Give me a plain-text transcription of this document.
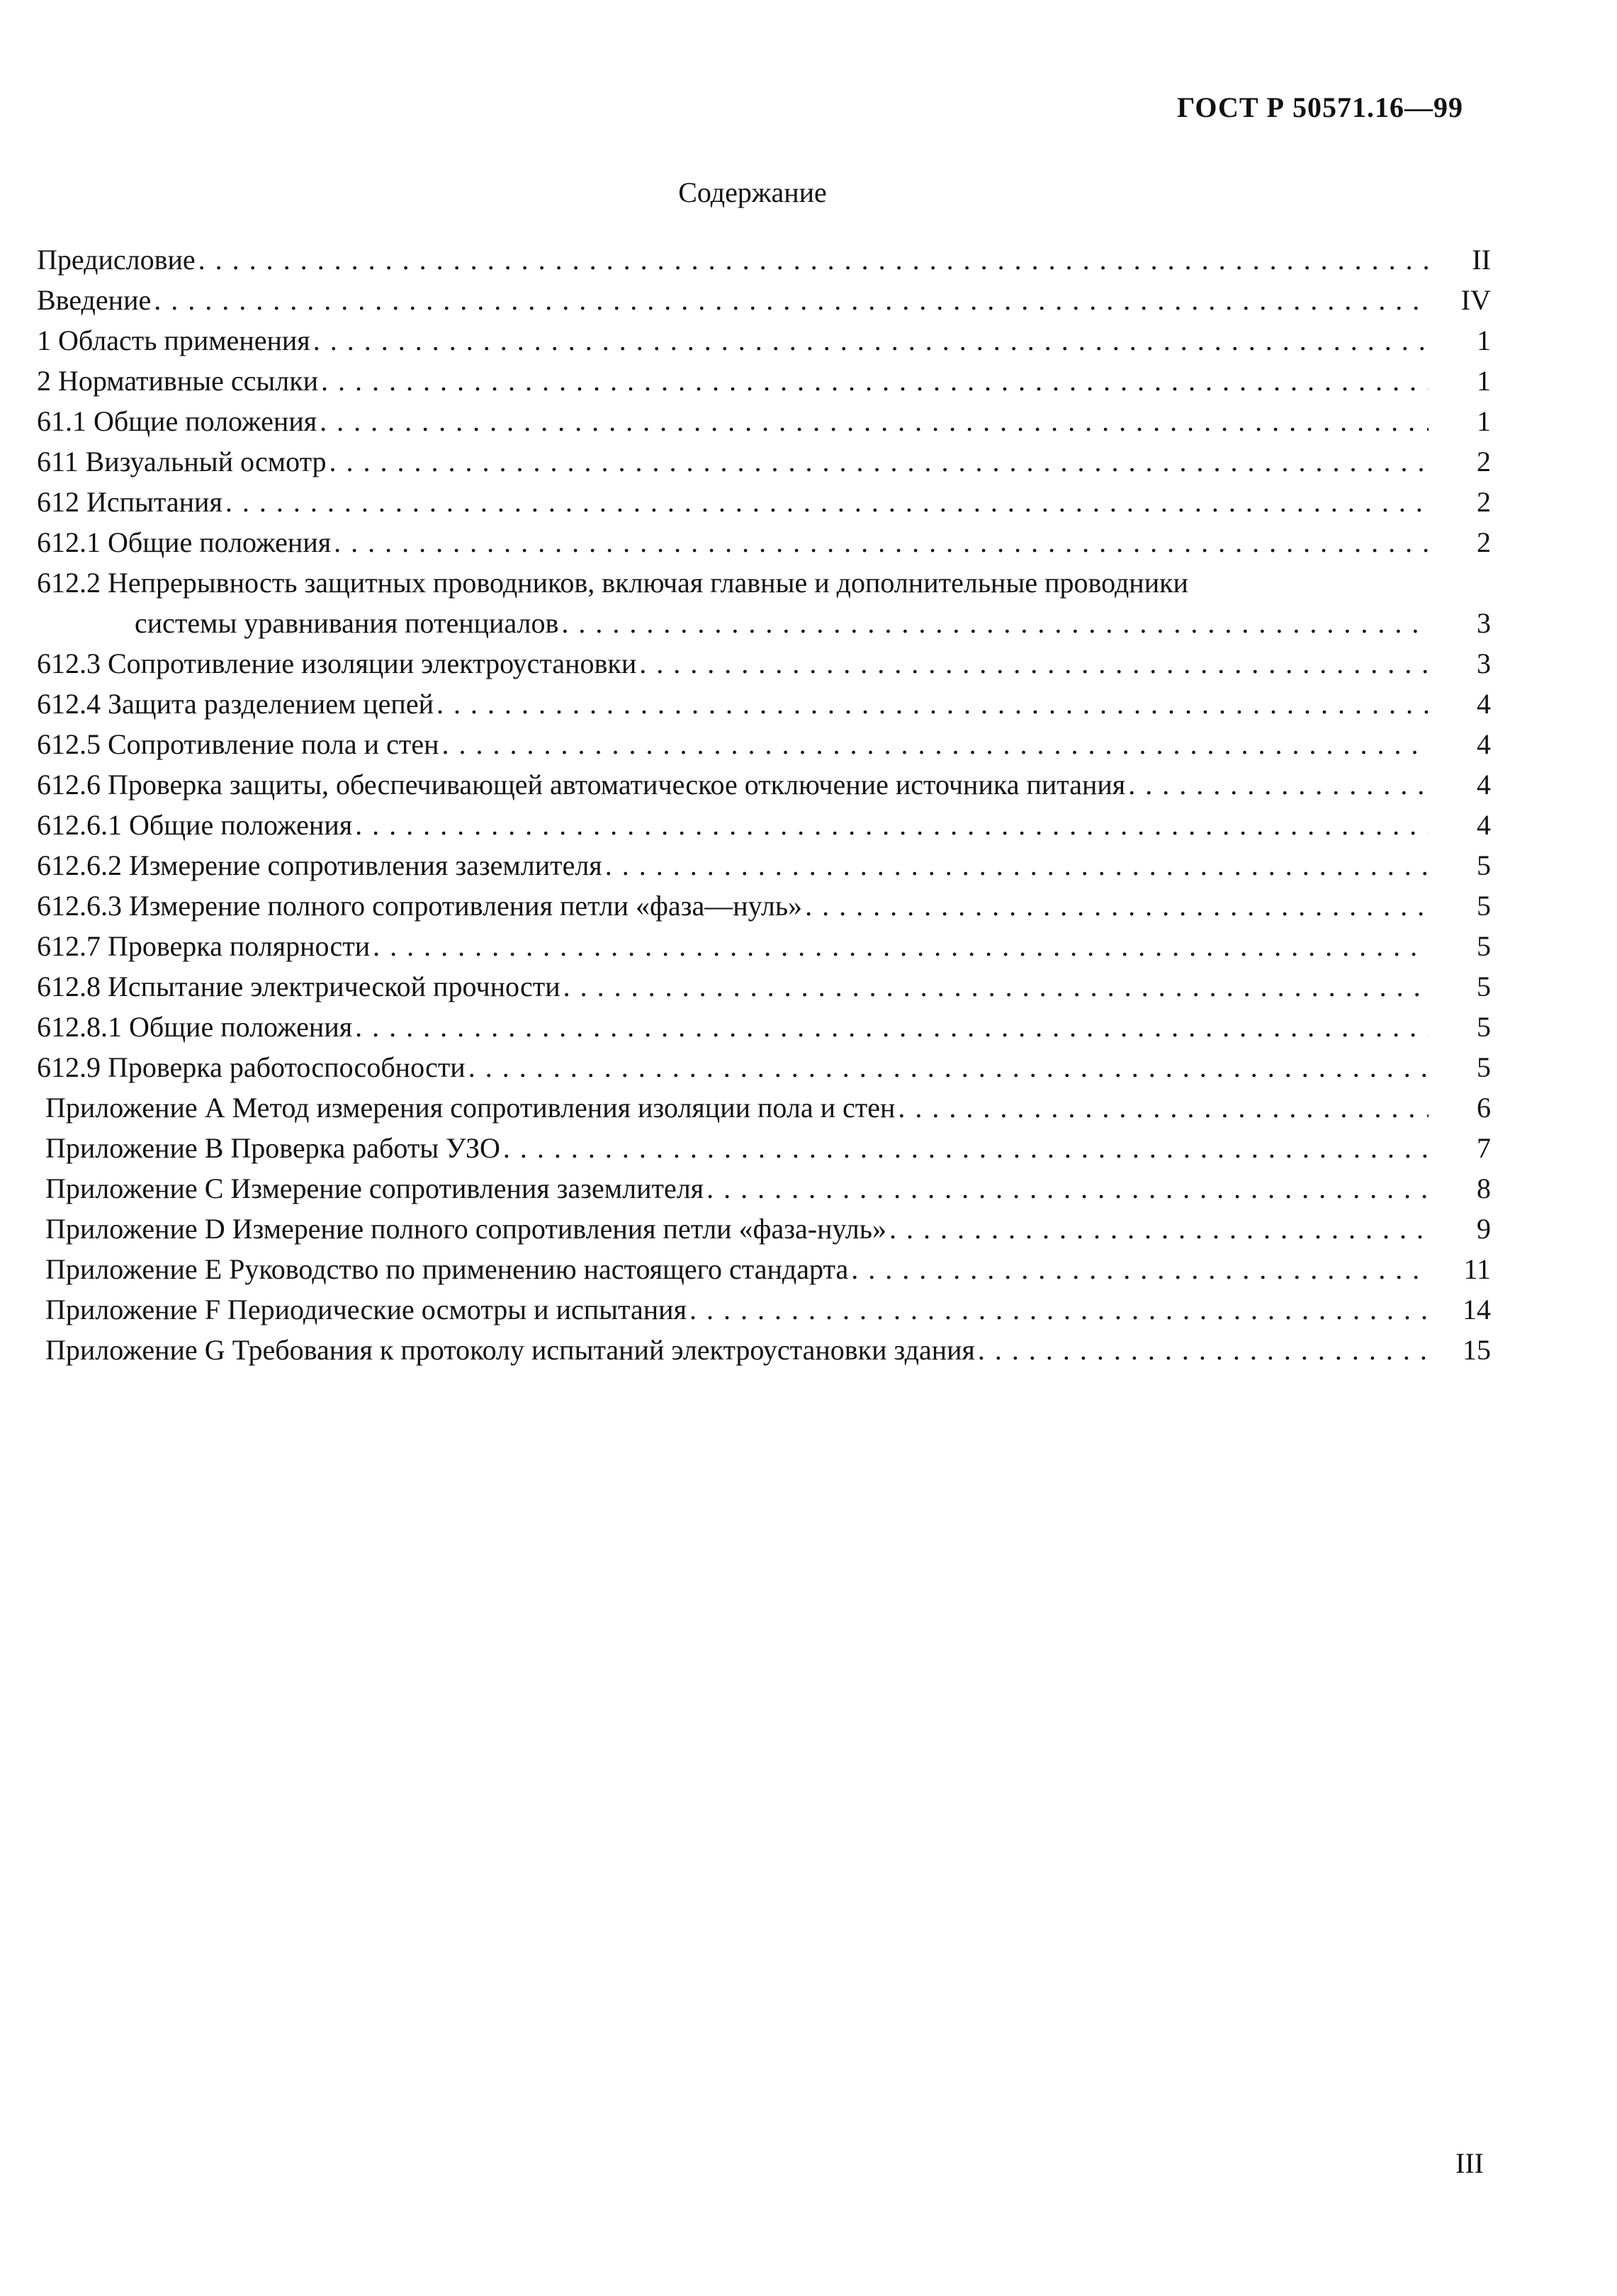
ГОСТ Р 50571.16—99
Содержание
Предисловие .....	II
Введение .....	IV
1 Область применения .....	1
2 Нормативные ссылки .....	1
61.1 Общие положения .....	1
611 Визуальный осмотр .....	2
612 Испытания .....	2
612.1 Общие положения .....	2
612.2 Непрерывность защитных проводников, включая главные и дополнительные проводники
системы уравнивания потенциалов .....	3
612.3 Сопротивление изоляции электроустановки .....	3
612.4 Защита разделением цепей .....	4
612.5 Сопротивление пола и стен .....	4
612.6 Проверка защиты, обеспечивающей автоматическое отключение источника питания .....	4
612.6.1 Общие положения .....	4
612.6.2 Измерение сопротивления заземлителя .....	5
612.6.3 Измерение полного сопротивления петли «фаза—нуль» .....	5
612.7 Проверка полярности .....	5
612.8 Испытание электрической прочности .....	5
612.8.1 Общие положения .....	5
612.9 Проверка работоспособности .....	5
Приложение А Метод измерения сопротивления изоляции пола и стен .....	6
Приложение В Проверка работы УЗО .....	7
Приложение С Измерение сопротивления заземлителя .....	8
Приложение D Измерение полного сопротивления петли «фаза-нуль» .....	9
Приложение Е Руководство по применению настоящего стандарта .....	11
Приложение F Периодические осмотры и испытания .....	14
Приложение G Требования к протоколу испытаний электроустановки здания .....	15
III
